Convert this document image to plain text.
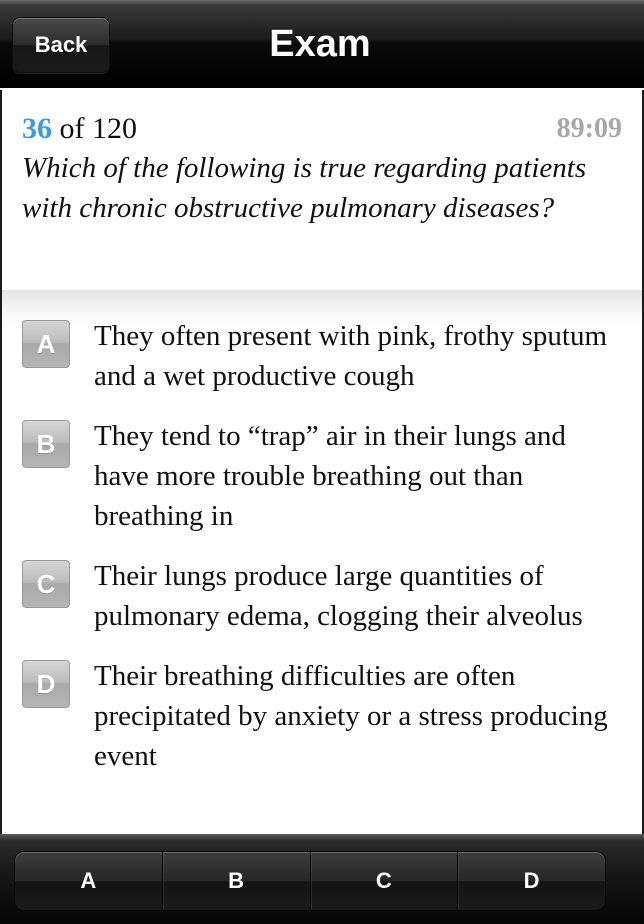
Back	Exam
36 of 120	89:09
Which of the following is true regarding patients with chronic obstructive pulmonary diseases?
A	They often present with pink, frothy sputum and a wet productive cough
B	They tend to “trap” air in their lungs and have more trouble breathing out than breathing in
C	Their lungs produce large quantities of pulmonary edema, clogging their alveolus
D	Their breathing difficulties are often precipitated by anxiety or a stress producing event
A	B	C	D
